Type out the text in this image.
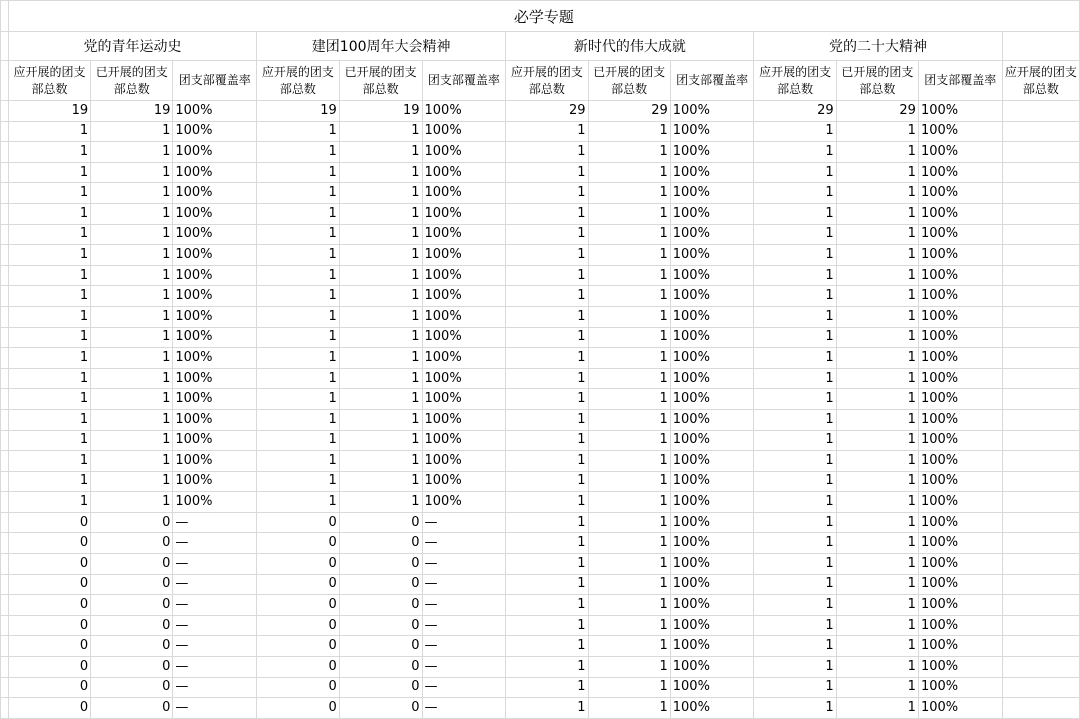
	必学专题												
	党的青年运动史			建团100周年大会精神			新时代的伟大成就			党的二十大精神			
	应开展的团支部总数	已开展的团支部总数	团支部覆盖率	应开展的团支部总数	已开展的团支部总数	团支部覆盖率	应开展的团支部总数	已开展的团支部总数	团支部覆盖率	应开展的团支部总数	已开展的团支部总数	团支部覆盖率	应开展的团支部总数
	19	19	100%	19	19	100%	29	29	100%	29	29	100%	
	1	1	100%	1	1	100%	1	1	100%	1	1	100%	
	1	1	100%	1	1	100%	1	1	100%	1	1	100%	
	1	1	100%	1	1	100%	1	1	100%	1	1	100%	
	1	1	100%	1	1	100%	1	1	100%	1	1	100%	
	1	1	100%	1	1	100%	1	1	100%	1	1	100%	
	1	1	100%	1	1	100%	1	1	100%	1	1	100%	
	1	1	100%	1	1	100%	1	1	100%	1	1	100%	
	1	1	100%	1	1	100%	1	1	100%	1	1	100%	
	1	1	100%	1	1	100%	1	1	100%	1	1	100%	
	1	1	100%	1	1	100%	1	1	100%	1	1	100%	
	1	1	100%	1	1	100%	1	1	100%	1	1	100%	
	1	1	100%	1	1	100%	1	1	100%	1	1	100%	
	1	1	100%	1	1	100%	1	1	100%	1	1	100%	
	1	1	100%	1	1	100%	1	1	100%	1	1	100%	
	1	1	100%	1	1	100%	1	1	100%	1	1	100%	
	1	1	100%	1	1	100%	1	1	100%	1	1	100%	
	1	1	100%	1	1	100%	1	1	100%	1	1	100%	
	1	1	100%	1	1	100%	1	1	100%	1	1	100%	
	1	1	100%	1	1	100%	1	1	100%	1	1	100%	
	0	0	—	0	0	—	1	1	100%	1	1	100%	
	0	0	—	0	0	—	1	1	100%	1	1	100%	
	0	0	—	0	0	—	1	1	100%	1	1	100%	
	0	0	—	0	0	—	1	1	100%	1	1	100%	
	0	0	—	0	0	—	1	1	100%	1	1	100%	
	0	0	—	0	0	—	1	1	100%	1	1	100%	
	0	0	—	0	0	—	1	1	100%	1	1	100%	
	0	0	—	0	0	—	1	1	100%	1	1	100%	
	0	0	—	0	0	—	1	1	100%	1	1	100%	
	0	0	—	0	0	—	1	1	100%	1	1	100%	
